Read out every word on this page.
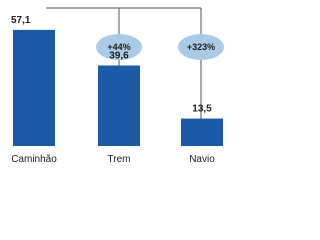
+44%	+323%
57,1
39,6
13,5
Caminhão	Trem	Navio
